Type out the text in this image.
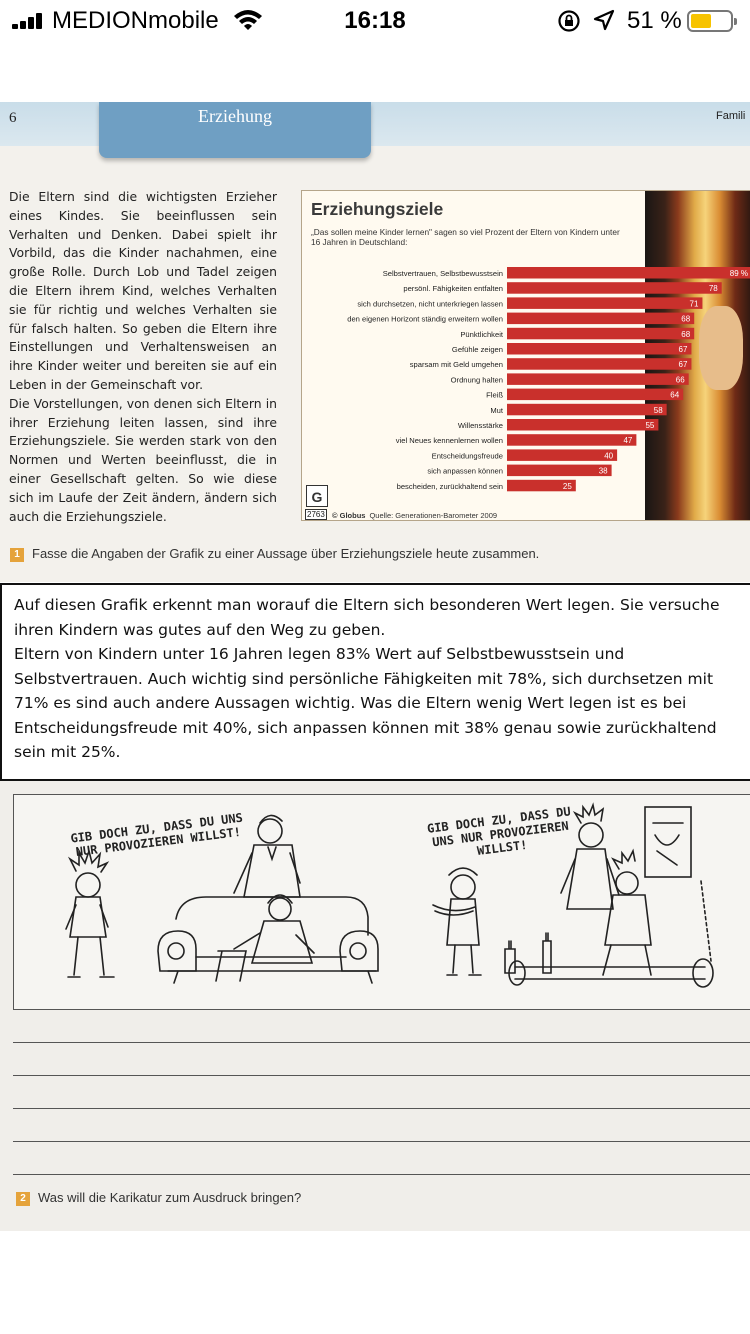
MEDIONmobile	16:18	51 %
6	Erziehung	Famili

Die Eltern sind die wichtigsten Erzieher eines Kindes. Sie beeinflussen sein Verhalten und Denken. Dabei spielt ihr Vorbild, das die Kinder nachahmen, eine große Rolle. Durch Lob und Tadel zeigen die Eltern ihrem Kind, welches Verhalten sie für richtig und welches Verhalten sie für falsch halten. So geben die Eltern ihre Einstellungen und Verhaltensweisen an ihre Kinder weiter und bereiten sie auf ein Leben in der Gemeinschaft vor.

Die Vorstellungen, von denen sich Eltern in ihrer Erziehung leiten lassen, sind ihre Erziehungsziele. Sie werden stark von den Normen und Werten beeinflusst, die in einer Gesellschaft gelten. So wie diese sich im Laufe der Zeit ändern, ändern sich auch die Erziehungsziele.

Selbstvertrauen, Selbstbewusstsein	89 %
persönl. Fähigkeiten entfalten	78
sich durchsetzen, nicht unterkriegen lassen	71
den eigenen Horizont ständig erweitern wollen	68
Pünktlichkeit	68
Gefühle zeigen	67
sparsam mit Geld umgehen	67
Ordnung halten	66
Fleiß	64
Mut	58
Willensstärke	55
viel Neues kennenlernen wollen	47
Entscheidungsfreude	40
sich anpassen können	38
bescheiden, zurückhaltend sein	25
Erziehungsziele
„Das sollen meine Kinder lernen" sagen so viel Prozent der Eltern von Kindern unter 16 Jahren in Deutschland:
G
2763 © Globus Quelle: Generationen-Barometer 2009
1 Fasse die Angaben der Grafik zu einer Aussage über Erziehungsziele heute zusammen.

Auf diesen Grafik erkennt man worauf die Eltern sich besonderen Wert legen. Sie versuche ihren Kindern was gutes auf den Weg zu geben.

Eltern von Kindern unter 16 Jahren legen 83% Wert auf Selbstbewusstsein und Selbstvertrauen. Auch wichtig sind persönliche Fähigkeiten mit 78%, sich durchsetzen mit 71% es sind auch andere Aussagen wichtig. Was die Eltern wenig Wert legen ist es bei Entscheidungsfreude mit 40%, sich anpassen können mit 38% genau sowie zurückhaltend sein mit 25%.

GIB DOCH ZU, DASS DU UNS NUR PROVOZIEREN WILLST!
GIB DOCH ZU, DASS DU UNS NUR PROVOZIEREN WILLST!
2 Was will die Karikatur zum Ausdruck bringen?
